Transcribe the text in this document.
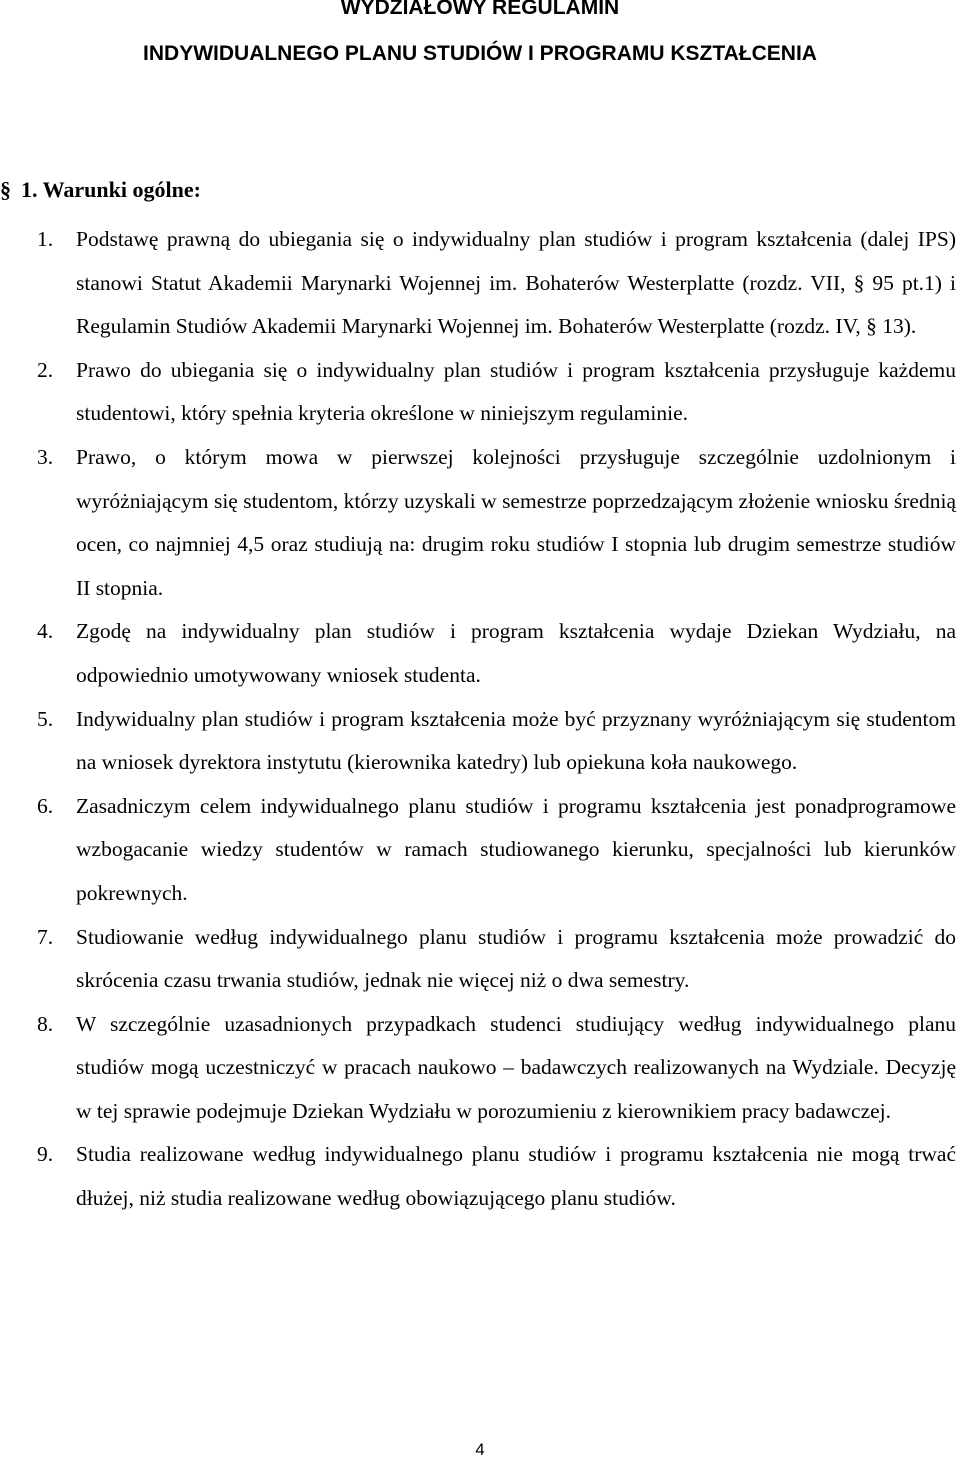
WYDZIAŁOWY REGULAMIN
INDYWIDUALNEGO PLANU STUDIÓW I PROGRAMU KSZTAŁCENIA
§ 1. Warunki ogólne:
1. Podstawę prawną do ubiegania się o indywidualny plan studiów i program kształcenia (dalej IPS) stanowi Statut Akademii Marynarki Wojennej im. Bohaterów Westerplatte (rozdz. VII, § 95 pt.1) i Regulamin Studiów Akademii Marynarki Wojennej im. Bohaterów Westerplatte (rozdz. IV, § 13).
2. Prawo do ubiegania się o indywidualny plan studiów i program kształcenia przysługuje każdemu studentowi, który spełnia kryteria określone w niniejszym regulaminie.
3. Prawo, o którym mowa w pierwszej kolejności przysługuje szczególnie uzdolnionym i wyróżniającym się studentom, którzy uzyskali w semestrze poprzedzającym złożenie wniosku średnią ocen, co najmniej 4,5 oraz studiują na: drugim roku studiów I stopnia lub drugim semestrze studiów II stopnia.
4. Zgodę na indywidualny plan studiów i program kształcenia wydaje Dziekan Wydziału, na odpowiednio umotywowany wniosek studenta.
5. Indywidualny plan studiów i program kształcenia może być przyznany wyróżniającym się studentom na wniosek dyrektora instytutu (kierownika katedry) lub opiekuna koła naukowego.
6. Zasadniczym celem indywidualnego planu studiów i programu kształcenia jest ponadprogramowe wzbogacanie wiedzy studentów w ramach studiowanego kierunku, specjalności lub kierunków pokrewnych.
7. Studiowanie według indywidualnego planu studiów i programu kształcenia może prowadzić do skrócenia czasu trwania studiów, jednak nie więcej niż o dwa semestry.
8. W szczególnie uzasadnionych przypadkach studenci studiujący według indywidualnego planu studiów mogą uczestniczyć w pracach naukowo – badawczych realizowanych na Wydziale. Decyzję w tej sprawie podejmuje Dziekan Wydziału w porozumieniu z kierownikiem pracy badawczej.
9. Studia realizowane według indywidualnego planu studiów i programu kształcenia nie mogą trwać dłużej, niż studia realizowane według obowiązującego planu studiów.
4
